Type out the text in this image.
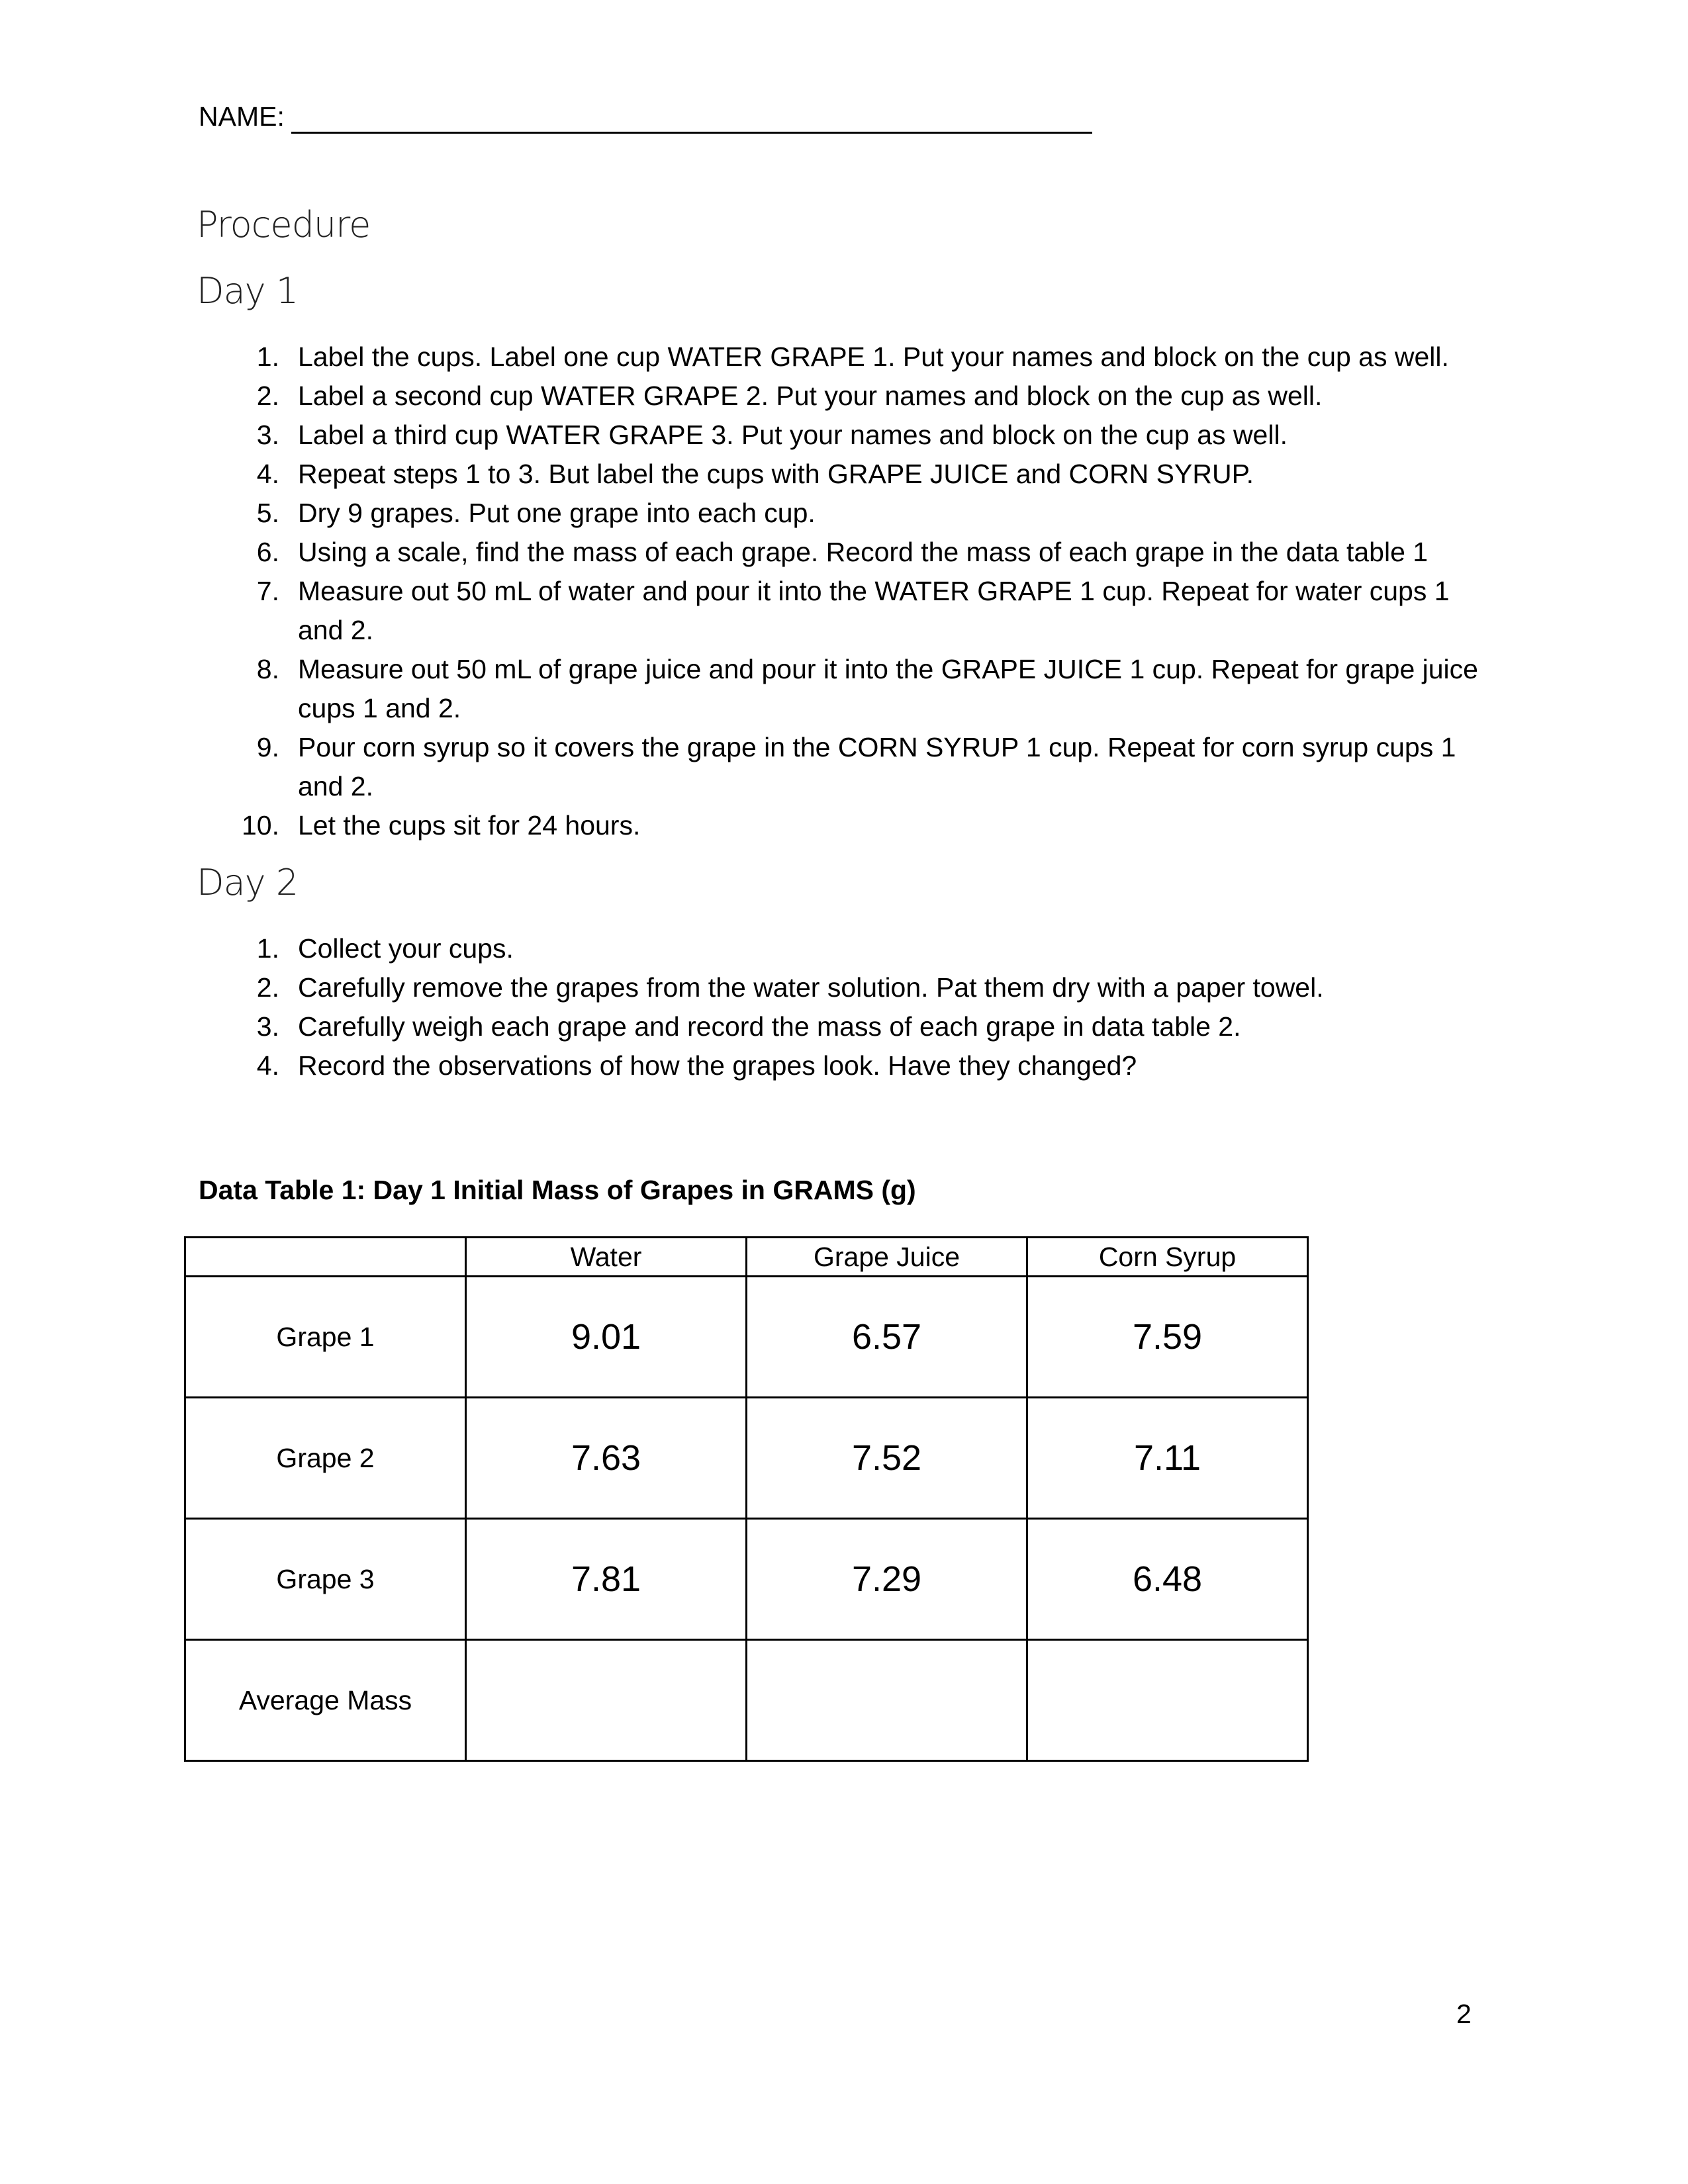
NAME:
Procedure
Day 1
1. Label the cups. Label one cup WATER GRAPE 1. Put your names and block on the cup as well.
2. Label a second cup WATER GRAPE 2. Put your names and block on the cup as well.
3. Label a third cup WATER GRAPE 3. Put your names and block on the cup as well.
4. Repeat steps 1 to 3. But label the cups with GRAPE JUICE and CORN SYRUP.
5. Dry 9 grapes. Put one grape into each cup.
6. Using a scale, find the mass of each grape. Record the mass of each grape in the data table 1
7. Measure out 50 mL of water and pour it into the WATER GRAPE 1 cup. Repeat for water cups 1 and 2.
8. Measure out 50 mL of grape juice and pour it into the GRAPE JUICE 1 cup. Repeat for grape juice cups 1 and 2.
9. Pour corn syrup so it covers the grape in the CORN SYRUP 1 cup. Repeat for corn syrup cups 1 and 2.
10. Let the cups sit for 24 hours.
Day 2
1. Collect your cups.
2. Carefully remove the grapes from the water solution. Pat them dry with a paper towel.
3. Carefully weigh each grape and record the mass of each grape in data table 2.
4. Record the observations of how the grapes look. Have they changed?
Data Table 1: Day 1 Initial Mass of Grapes in GRAMS (g)
	Water	Grape Juice	Corn Syrup
Grape 1	9.01	6.57	7.59
Grape 2	7.63	7.52	7.11
Grape 3	7.81	7.29	6.48
Average Mass			
2
